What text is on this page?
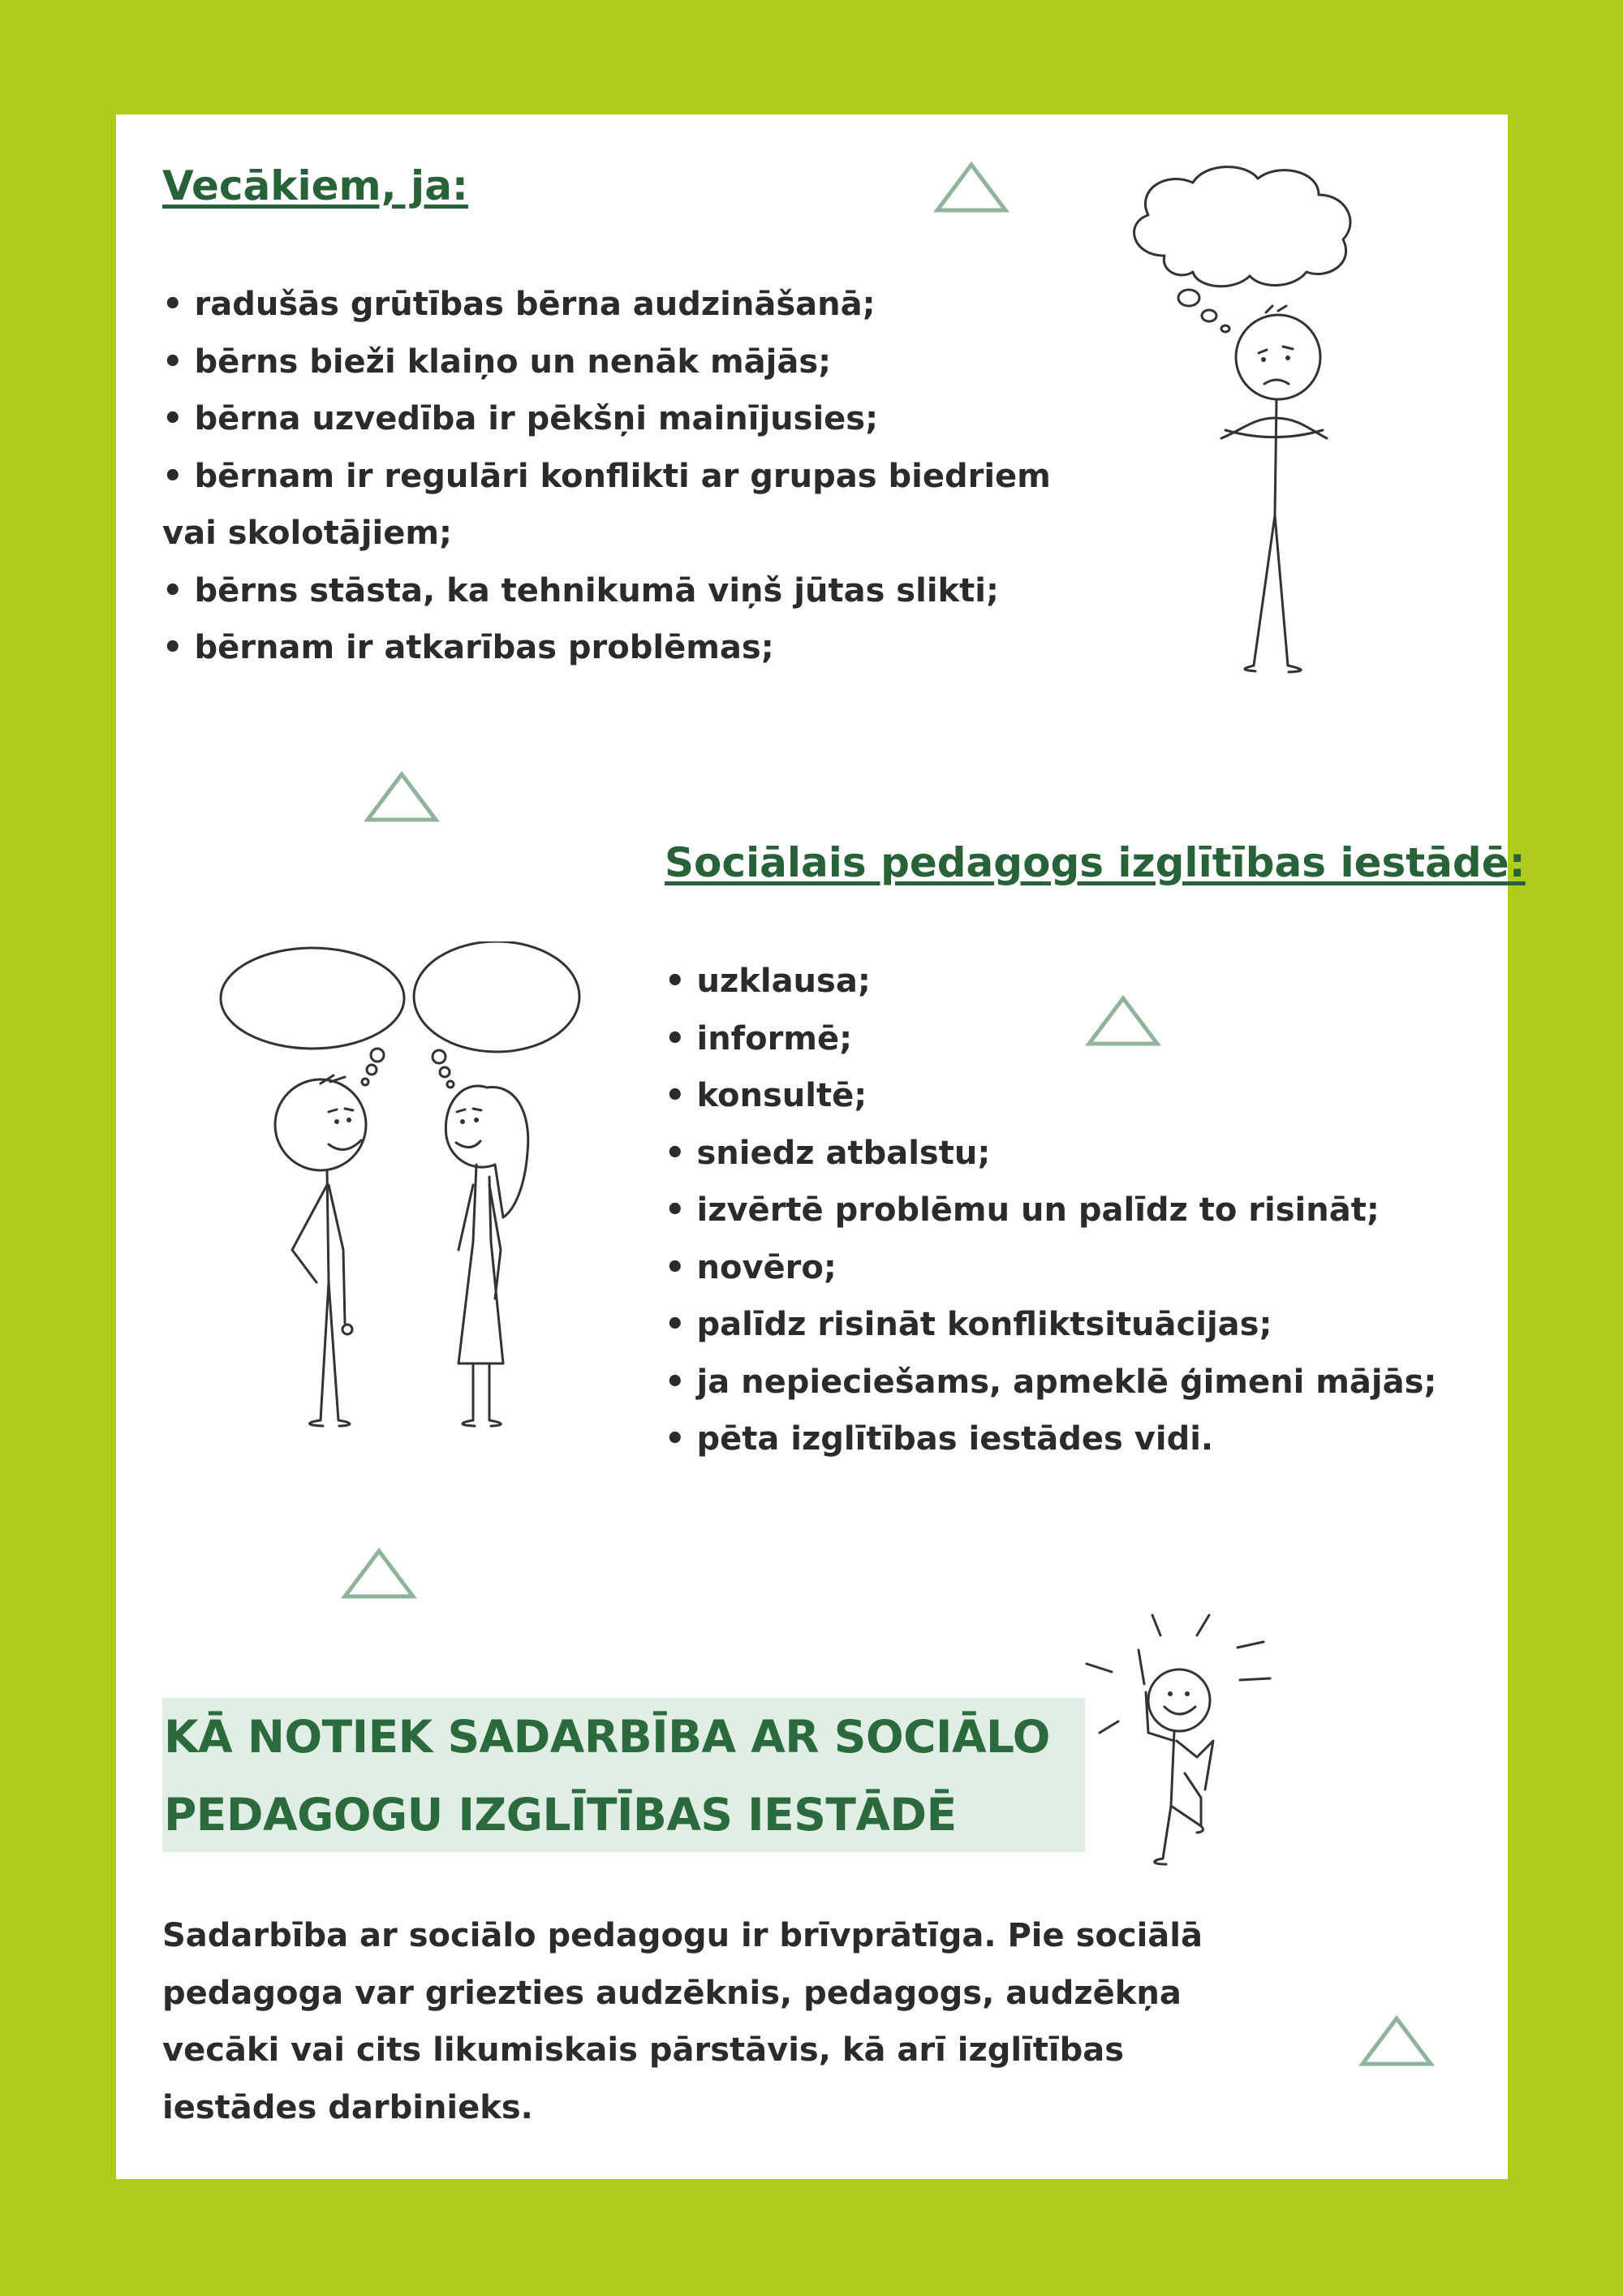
Vecākiem, ja:
• radušās grūtības bērna audzināšanā;
• bērns bieži klaiņo un nenāk mājās;
• bērna uzvedība ir pēkšņi mainījusies;
• bērnam ir regulāri konflikti ar grupas biedriem
vai skolotājiem;
• bērns stāsta, ka tehnikumā viņš jūtas slikti;
• bērnam ir atkarības problēmas;
Sociālais pedagogs izglītības iestādē:
• uzklausa;
• informē;
• konsultē;
• sniedz atbalstu;
• izvērtē problēmu un palīdz to risināt;
• novēro;
• palīdz risināt konfliktsituācijas;
• ja nepieciešams, apmeklē ģimeni mājās;
• pēta izglītības iestādes vidi.
KĀ NOTIEK SADARBĪBA AR SOCIĀLO
PEDAGOGU IZGLĪTĪBAS IESTĀDĒ
Sadarbība ar sociālo pedagogu ir brīvprātīga. Pie sociālā
pedagoga var griezties audzēknis, pedagogs, audzēkņa
vecāki vai cits likumiskais pārstāvis, kā arī izglītības
iestādes darbinieks.
